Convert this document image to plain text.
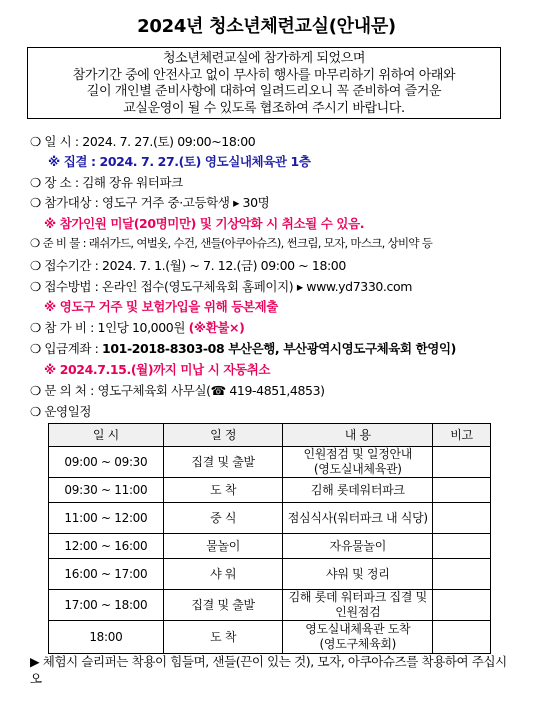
2024년 청소년체련교실(안내문)
청소년체련교실에 참가하게 되었으며
참가기간 중에 안전사고 없이 무사히 행사를 마무리하기 위하여 아래와
길이 개인별 준비사항에 대하여 일려드리오니 꼭 준비하여 즐거운
교실운영이 될 수 있도록 협조하여 주시기 바랍니다.
❍ 일 시 : 2024. 7. 27.(토) 09:00~18:00
※ 집결 : 2024. 7. 27.(토) 영도실내체육관 1층
❍ 장 소 : 김해 장유 워터파크
❍ 참가대상 : 영도구 거주 중·고등학생 ▸ 30명
※ 참가인원 미달(20명미만) 및 기상악화 시 취소될 수 있음.
❍ 준 비 물 : 래쉬가드, 여벌옷, 수건, 샌들(아쿠아슈즈), 썬크림, 모자, 마스크, 상비약 등
❍ 접수기간 : 2024. 7. 1.(월) ~ 7. 12.(금) 09:00 ~ 18:00
❍ 접수방법 : 온라인 접수(영도구체육회 홈페이지) ▸ www.yd7330.com
※ 영도구 거주 및 보험가입을 위해 등본제출
❍ 참 가 비 : 1인당 10,000원 (※환불×)
❍ 입금계좌 : 101-2018-8303-08 부산은행, 부산광역시영도구체육회 한영익)
※ 2024.7.15.(월)까지 미납 시 자동취소
❍ 문 의 처 : 영도구체육회 사무실(☎ 419-4851,4853)
❍ 운영일정
일 시	일 정	내 용	비고
09:00 ~ 09:30	집결 및 출발	인원점검 및 일정안내
(영도실내체육관)	
09:30 ~ 11:00	도 착	김해 롯데워터파크	
11:00 ~ 12:00	중 식	점심식사(워터파크 내 식당)	
12:00 ~ 16:00	물놀이	자유물놀이	
16:00 ~ 17:00	샤 워	샤워 및 정리	
17:00 ~ 18:00	집결 및 출발	김해 롯데 워터파크 집결 및
인원점검	
18:00	도 착	영도실내체육관 도착
(영도구체육회)	
▶ 체험시 슬리퍼는 착용이 힘들며, 샌들(끈이 있는 것), 모자, 아쿠아슈즈를 착용하여 주십시오
